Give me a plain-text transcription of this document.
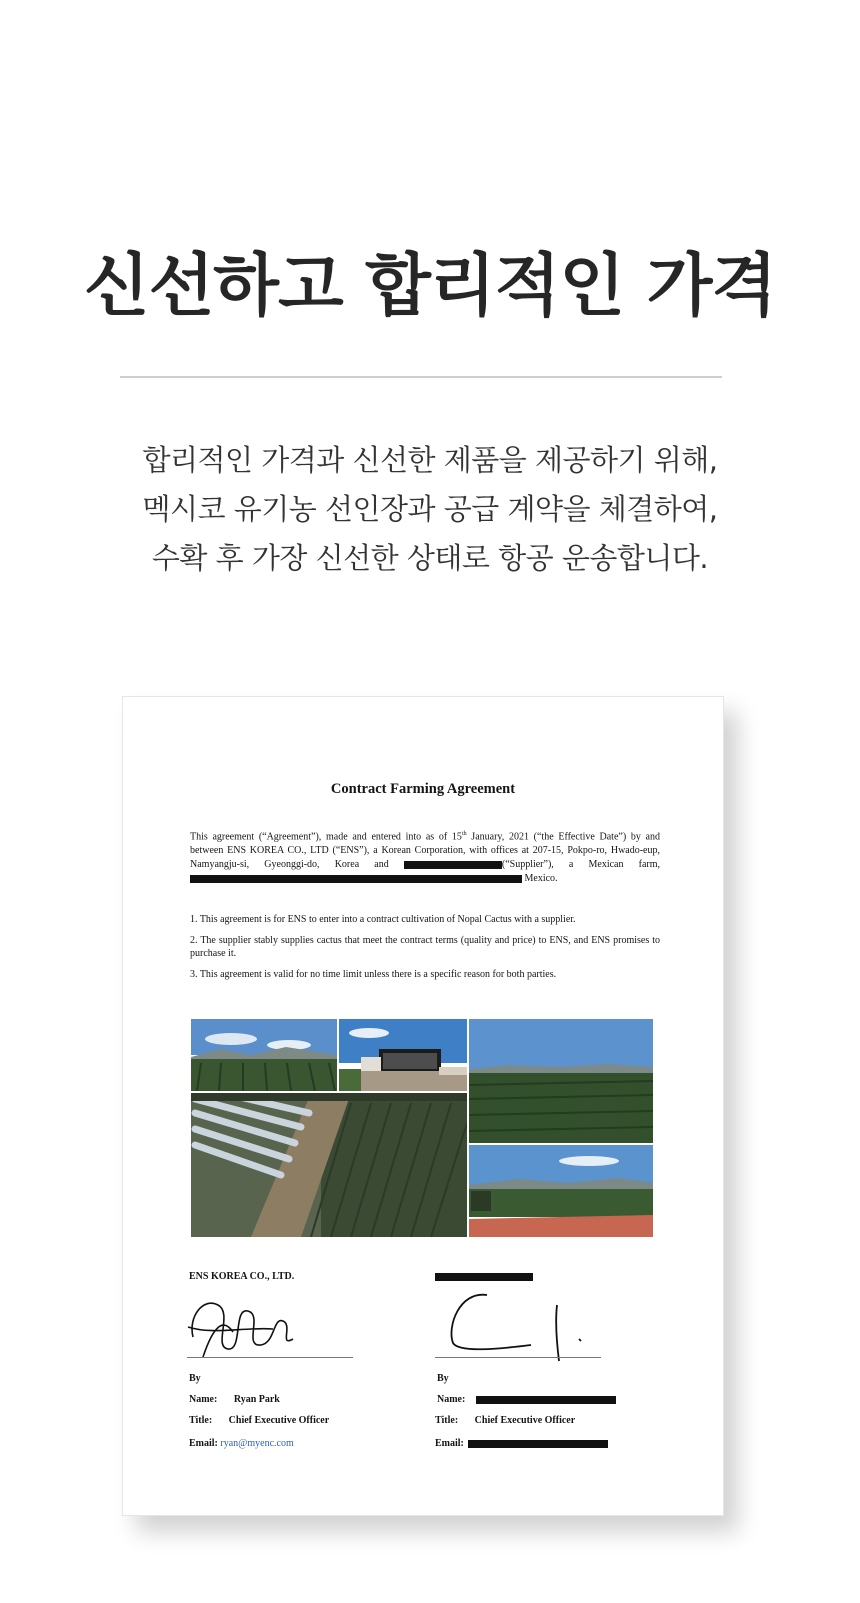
신선하고 합리적인 가격
합리적인 가격과 신선한 제품을 제공하기 위해,
멕시코 유기농 선인장과 공급 계약을 체결하여,
수확 후 가장 신선한 상태로 항공 운송합니다.
Contract Farming Agreement
This agreement (“Agreement”), made and entered into as of 15th January, 2021 (“the Effective Date”) by and between ENS KOREA CO., LTD (“ENS”), a Korean Corporation, with offices at 207-15, Pokpo-ro, Hwado-eup, Namyangju-si, Gyeonggi-do, Korea and	(“Supplier”), a Mexican farm,  Mexico.

1. This agreement is for ENS to enter into a contract cultivation of Nopal Cactus with a supplier.

2. The supplier stably supplies cactus that meet the contract terms (quality and price) to ENS, and ENS promises to purchase it.

3. This agreement is valid for no time limit unless there is a specific reason for both parties.

ENS KOREA CO., LTD.
By
Name: Ryan Park
Title: Chief Executive Officer
Email: ryan@myenc.com
By
Name:
Title: Chief Executive Officer
Email:
